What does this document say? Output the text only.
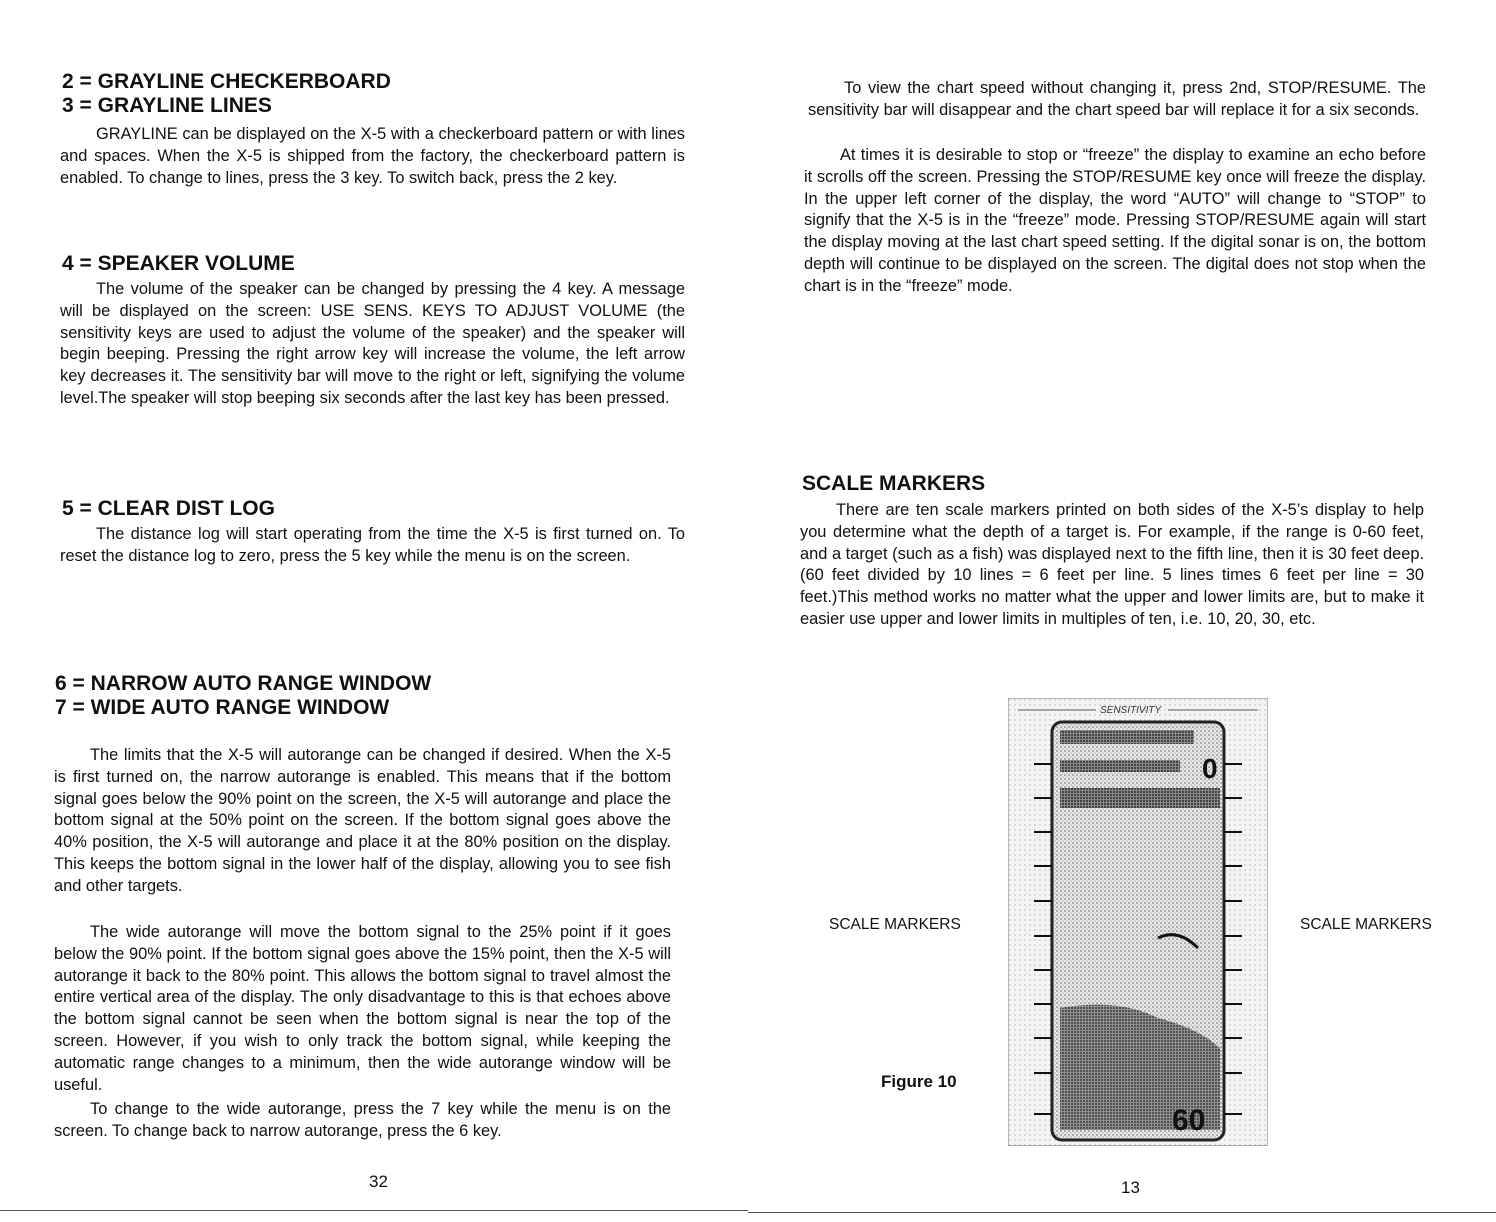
2 = GRAYLINE CHECKERBOARD
3 = GRAYLINE LINES

GRAYLINE can be displayed on the X-5 with a checkerboard pattern or with lines and spaces. When the X-5 is shipped from the factory, the checkerboard pattern is enabled. To change to lines, press the 3 key. To switch back, press the 2 key.

4 = SPEAKER VOLUME

The volume of the speaker can be changed by pressing the 4 key. A message will be displayed on the screen: USE SENS. KEYS TO ADJUST VOLUME (the sensitivity keys are used to adjust the volume of the speaker) and the speaker will begin beeping. Pressing the right arrow key will increase the volume, the left arrow key decreases it. The sensitivity bar will move to the right or left, signifying the volume level.The speaker will stop beeping six seconds after the last key has been pressed.

5 = CLEAR DIST LOG

The distance log will start operating from the time the X-5 is first turned on. To reset the distance log to zero, press the 5 key while the menu is on the screen.

6 = NARROW AUTO RANGE WINDOW
7 = WIDE AUTO RANGE WINDOW

The limits that the X-5 will autorange can be changed if desired. When the X-5 is first turned on, the narrow autorange is enabled. This means that if the bottom signal goes below the 90% point on the screen, the X-5 will autorange and place the bottom signal at the 50% point on the screen. If the bottom signal goes above the 40% position, the X-5 will autorange and place it at the 80% position on the display. This keeps the bottom signal in the lower half of the display, allowing you to see fish and other targets.

The wide autorange will move the bottom signal to the 25% point if it goes below the 90% point. If the bottom signal goes above the 15% point, then the X-5 will autorange it back to the 80% point. This allows the bottom signal to travel almost the entire vertical area of the display. The only disadvantage to this is that echoes above the bottom signal cannot be seen when the bottom signal is near the top of the screen. However, if you wish to only track the bottom signal, while keeping the automatic range changes to a minimum, then the wide autorange window will be useful.

To change to the wide autorange, press the 7 key while the menu is on the screen. To change back to narrow autorange, press the 6 key.

32

To view the chart speed without changing it, press 2nd, STOP/RESUME. The sensitivity bar will disappear and the chart speed bar will replace it for a six seconds.

At times it is desirable to stop or “freeze” the display to examine an echo before it scrolls off the screen. Pressing the STOP/RESUME key once will freeze the display. In the upper left corner of the display, the word “AUTO” will change to “STOP” to signify that the X-5 is in the “freeze” mode. Pressing STOP/RESUME again will start the display moving at the last chart speed setting. If the digital sonar is on, the bottom depth will continue to be displayed on the screen. The digital does not stop when the chart is in the “freeze” mode.

SCALE MARKERS

There are ten scale markers printed on both sides of the X-5’s display to help you determine what the depth of a target is. For example, if the range is 0-60 feet, and a target (such as a fish) was displayed next to the fifth line, then it is 30 feet deep. (60 feet divided by 10 lines = 6 feet per line. 5 lines times 6 feet per line = 30 feet.)This method works no matter what the upper and lower limits are, but to make it easier use upper and lower limits in multiples of ten, i.e. 10, 20, 30, etc.

SCALE MARKERS	SCALE MARKERS
Figure 10
13
SENSITIVITY
0
60
